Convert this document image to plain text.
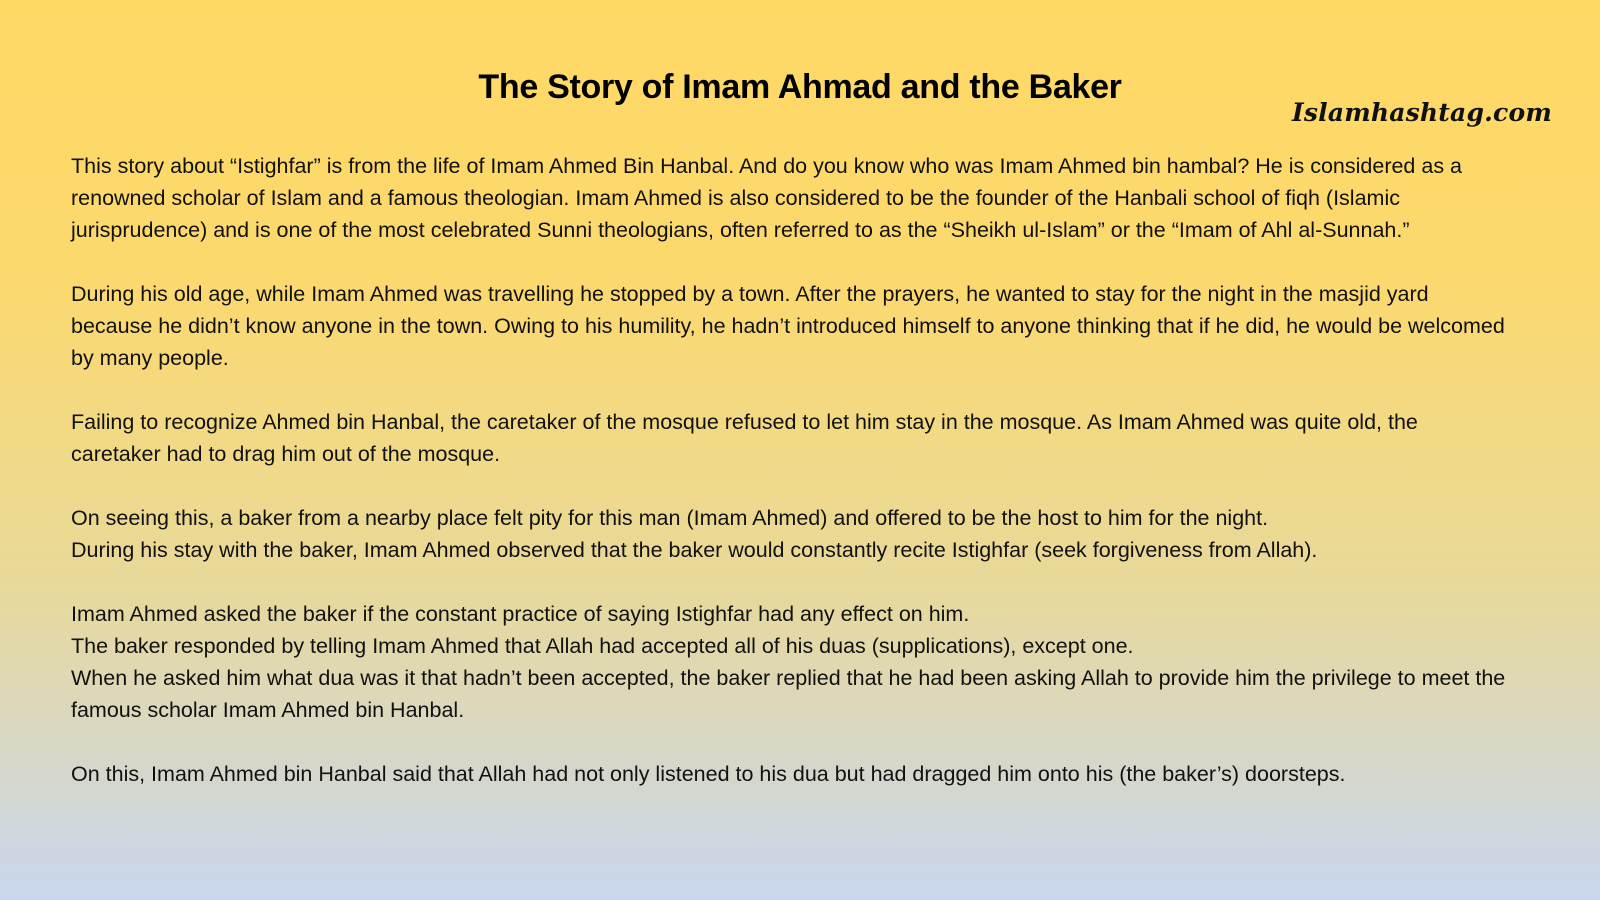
The Story of Imam Ahmad and the Baker
Islamhashtag.com

This story about “Istighfar” is from the life of Imam Ahmed Bin Hanbal. And do you know who was Imam Ahmed bin hambal? He is considered as a renowned scholar of Islam and a famous theologian. Imam Ahmed is also considered to be the founder of the Hanbali school of fiqh (Islamic jurisprudence) and is one of the most celebrated Sunni theologians, often referred to as the “Sheikh ul-Islam” or the “Imam of Ahl al-Sunnah.”

During his old age, while Imam Ahmed was travelling he stopped by a town. After the prayers, he wanted to stay for the night in the masjid yard because he didn’t know anyone in the town. Owing to his humility, he hadn’t introduced himself to anyone thinking that if he did, he would be welcomed by many people.

Failing to recognize Ahmed bin Hanbal, the caretaker of the mosque refused to let him stay in the mosque. As Imam Ahmed was quite old, the caretaker had to drag him out of the mosque.

On seeing this, a baker from a nearby place felt pity for this man (Imam Ahmed) and offered to be the host to him for the night.
During his stay with the baker, Imam Ahmed observed that the baker would constantly recite Istighfar (seek forgiveness from Allah).

Imam Ahmed asked the baker if the constant practice of saying Istighfar had any effect on him.
The baker responded by telling Imam Ahmed that Allah had accepted all of his duas (supplications), except one.
When he asked him what dua was it that hadn’t been accepted, the baker replied that he had been asking Allah to provide him the privilege to meet the famous scholar Imam Ahmed bin Hanbal.

On this, Imam Ahmed bin Hanbal said that Allah had not only listened to his dua but had dragged him onto his (the baker’s) doorsteps.
